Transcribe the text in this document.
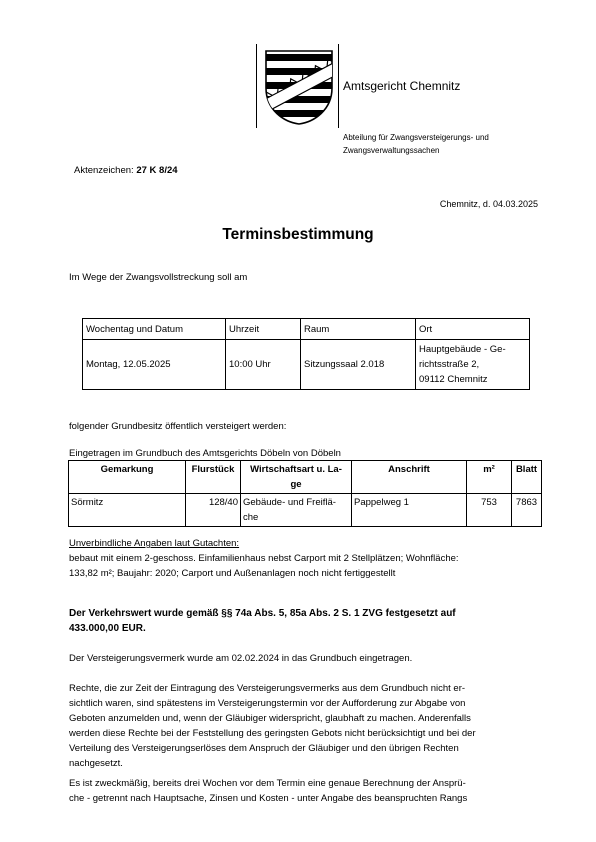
Amtsgericht Chemnitz
Abteilung für Zwangsversteigerungs- und
Zwangsverwaltungssachen
Aktenzeichen: 27 K 8/24
Chemnitz, d. 04.03.2025
Terminsbestimmung
Im Wege der Zwangsvollstreckung soll am
Wochentag und Datum	Uhrzeit	Raum	Ort
Montag, 12.05.2025	10:00 Uhr	Sitzungssaal 2.018	Hauptgebäude - Ge-
richtsstraße 2,
09112 Chemnitz
folgender Grundbesitz öffentlich versteigert werden:
Eingetragen im Grundbuch des Amtsgerichts Döbeln von Döbeln
Gemarkung	Flurstück	Wirtschaftsart u. La-
ge	Anschrift	m²	Blatt
Sörmitz	128/40	Gebäude- und Freiflä-
che	Pappelweg 1	753	7863
Unverbindliche Angaben laut Gutachten:
bebaut mit einem 2-geschoss. Einfamilienhaus nebst Carport mit 2 Stellplätzen; Wohnfläche:
133,82 m²; Baujahr: 2020; Carport und Außenanlagen noch nicht fertiggestellt
Der Verkehrswert wurde gemäß §§ 74a Abs. 5, 85a Abs. 2 S. 1 ZVG festgesetzt auf
433.000,00 EUR.
Der Versteigerungsvermerk wurde am 02.02.2024 in das Grundbuch eingetragen.
Rechte, die zur Zeit der Eintragung des Versteigerungsvermerks aus dem Grundbuch nicht er-
sichtlich waren, sind spätestens im Versteigerungstermin vor der Aufforderung zur Abgabe von
Geboten anzumelden und, wenn der Gläubiger widerspricht, glaubhaft zu machen. Anderenfalls
werden diese Rechte bei der Feststellung des geringsten Gebots nicht berücksichtigt und bei der
Verteilung des Versteigerungserlöses dem Anspruch der Gläubiger und den übrigen Rechten
nachgesetzt.
Es ist zweckmäßig, bereits drei Wochen vor dem Termin eine genaue Berechnung der Ansprü-
che - getrennt nach Hauptsache, Zinsen und Kosten - unter Angabe des beanspruchten Rangs
